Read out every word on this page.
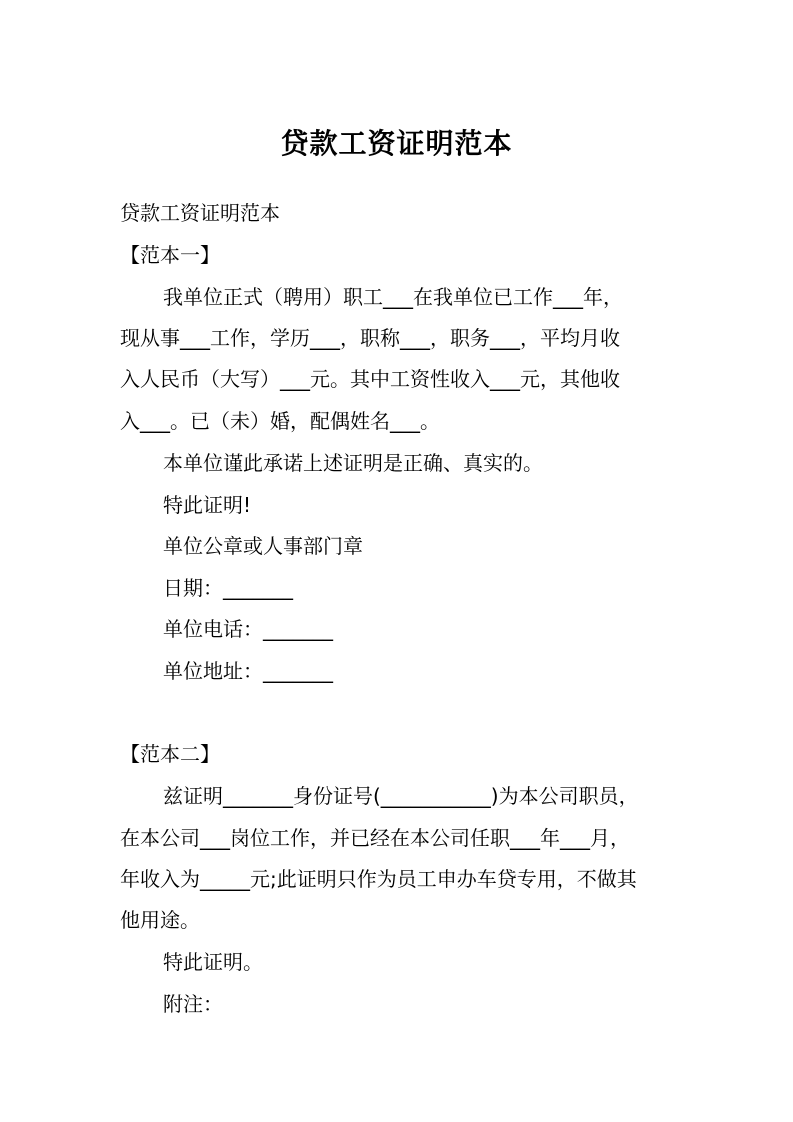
贷款工资证明范本
贷款工资证明范本
【范本一】
我单位正式（聘用）职工___在我单位已工作___年，
现从事___工作，学历___，职称___，职务___，平均月收
入人民币（大写）___元。其中工资性收入___元，其他收
入___。已（未）婚，配偶姓名___。
本单位谨此承诺上述证明是正确、真实的。
特此证明!
单位公章或人事部门章
日期：_______
单位电话：_______
单位地址：_______
【范本二】
兹证明_______身份证号(___________)为本公司职员，
在本公司___岗位工作，并已经在本公司任职___年___月，
年收入为_____元;此证明只作为员工申办车贷专用，不做其
他用途。
特此证明。
附注：
